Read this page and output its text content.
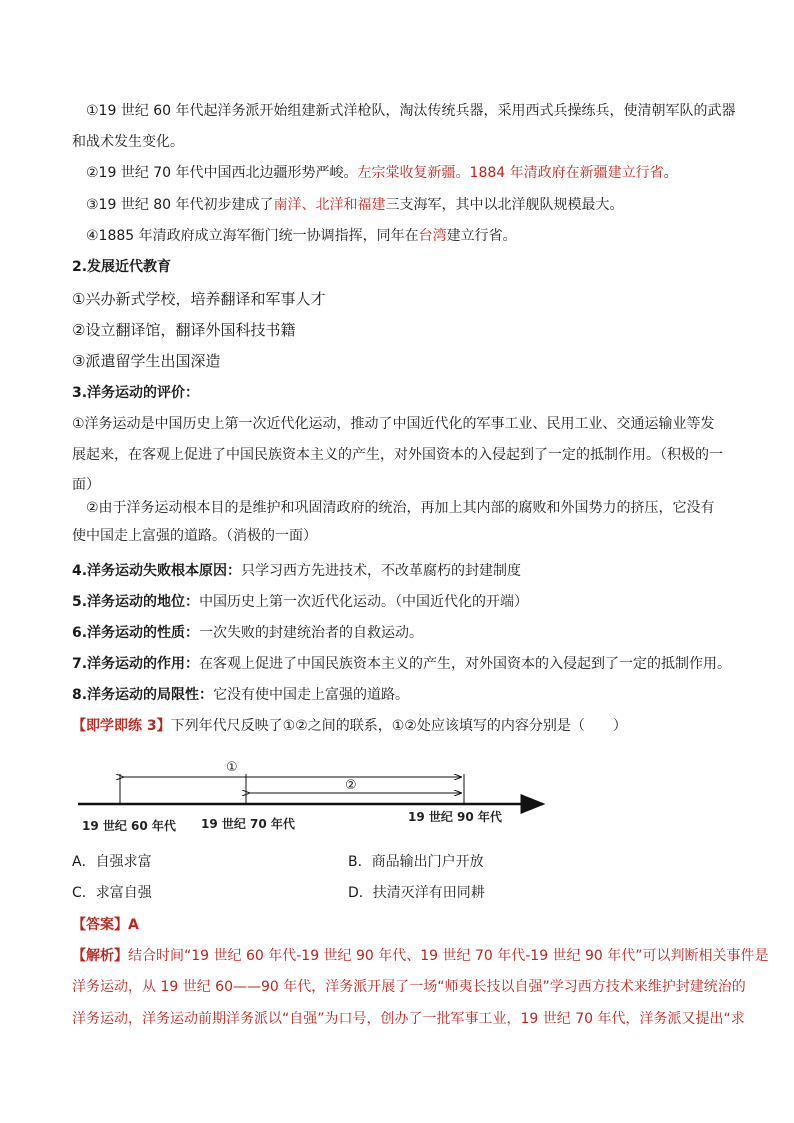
①19 世纪 60 年代起洋务派开始组建新式洋枪队，淘汰传统兵器，采用西式兵操练兵，使清朝军队的武器
和战术发生变化。
②19 世纪 70 年代中国西北边疆形势严峻。左宗棠收复新疆。1884 年清政府在新疆建立行省。
③19 世纪 80 年代初步建成了南洋、北洋和福建三支海军，其中以北洋舰队规模最大。
④1885 年清政府成立海军衙门统一协调指挥，同年在台湾建立行省。
2.发展近代教育
①兴办新式学校，培养翻译和军事人才
②设立翻译馆，翻译外国科技书籍
③派遣留学生出国深造
3.洋务运动的评价：
①洋务运动是中国历史上第一次近代化运动，推动了中国近代化的军事工业、民用工业、交通运输业等发
展起来，在客观上促进了中国民族资本主义的产生，对外国资本的入侵起到了一定的抵制作用。（积极的一
面）
②由于洋务运动根本目的是维护和巩固清政府的统治，再加上其内部的腐败和外国势力的挤压，它没有
使中国走上富强的道路。（消极的一面）
4.洋务运动失败根本原因：只学习西方先进技术，不改革腐朽的封建制度
5.洋务运动的地位：中国历史上第一次近代化运动。（中国近代化的开端）
6.洋务运动的性质：一次失败的封建统治者的自救运动。
7.洋务运动的作用：在客观上促进了中国民族资本主义的产生，对外国资本的入侵起到了一定的抵制作用。
8.洋务运动的局限性：它没有使中国走上富强的道路。
【即学即练 3】下列年代尺反映了①②之间的联系，①②处应该填写的内容分别是（　　）
①
②
19 世纪 60 年代 19 世纪 70 年代	19 世纪 90 年代
A．自强求富	B．商品输出门户开放
C．求富自强	D．扶清灭洋有田同耕
【答案】A
【解析】结合时间“19 世纪 60 年代-19 世纪 90 年代、19 世纪 70 年代-19 世纪 90 年代”可以判断相关事件是
洋务运动，从 19 世纪 60——90 年代，洋务派开展了一场“师夷长技以自强”学习西方技术来维护封建统治的
洋务运动，洋务运动前期洋务派以“自强”为口号，创办了一批军事工业，19 世纪 70 年代，洋务派又提出“求
